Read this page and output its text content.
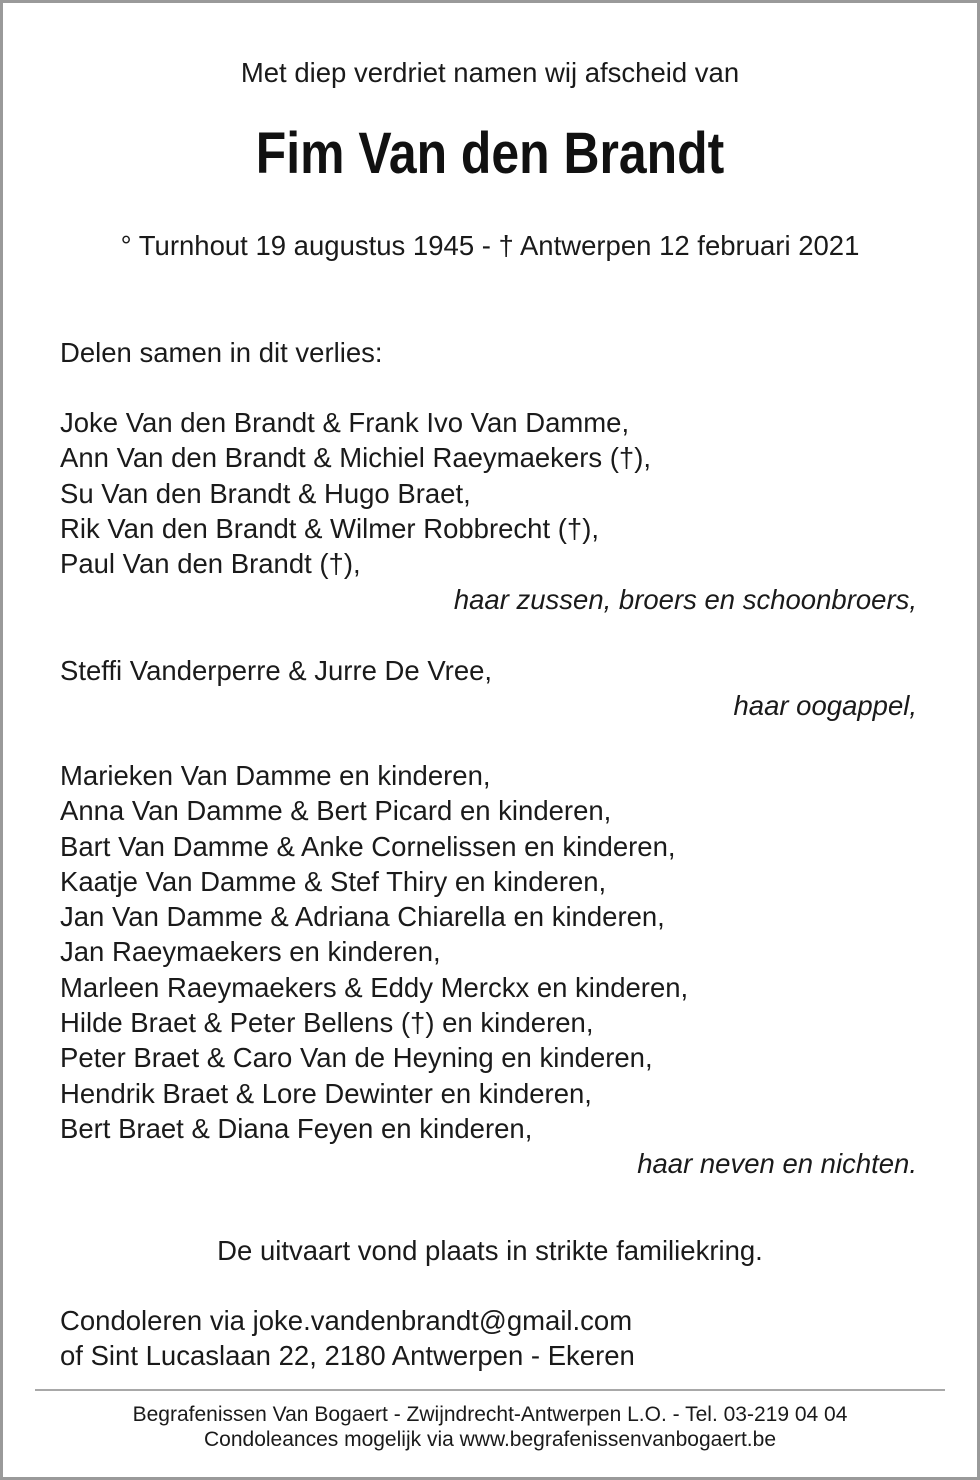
Met diep verdriet namen wij afscheid van
Fim Van den Brandt
° Turnhout 19 augustus 1945 - † Antwerpen 12 februari 2021
Delen samen in dit verlies:
Joke Van den Brandt & Frank Ivo Van Damme,
Ann Van den Brandt & Michiel Raeymaekers (†),
Su Van den Brandt & Hugo Braet,
Rik Van den Brandt & Wilmer Robbrecht (†),
Paul Van den Brandt (†),
haar zussen, broers en schoonbroers,
Steffi Vanderperre & Jurre De Vree,
haar oogappel,
Marieken Van Damme en kinderen,
Anna Van Damme & Bert Picard en kinderen,
Bart Van Damme & Anke Cornelissen en kinderen,
Kaatje Van Damme & Stef Thiry en kinderen,
Jan Van Damme & Adriana Chiarella en kinderen,
Jan Raeymaekers en kinderen,
Marleen Raeymaekers & Eddy Merckx en kinderen,
Hilde Braet & Peter Bellens (†) en kinderen,
Peter Braet & Caro Van de Heyning en kinderen,
Hendrik Braet & Lore Dewinter en kinderen,
Bert Braet & Diana Feyen en kinderen,
haar neven en nichten.
De uitvaart vond plaats in strikte familiekring.
Condoleren via joke.vandenbrandt@gmail.com
of Sint Lucaslaan 22, 2180 Antwerpen - Ekeren
Begrafenissen Van Bogaert - Zwijndrecht-Antwerpen L.O. - Tel. 03-219 04 04
Condoleances mogelijk via www.begrafenissenvanbogaert.be
